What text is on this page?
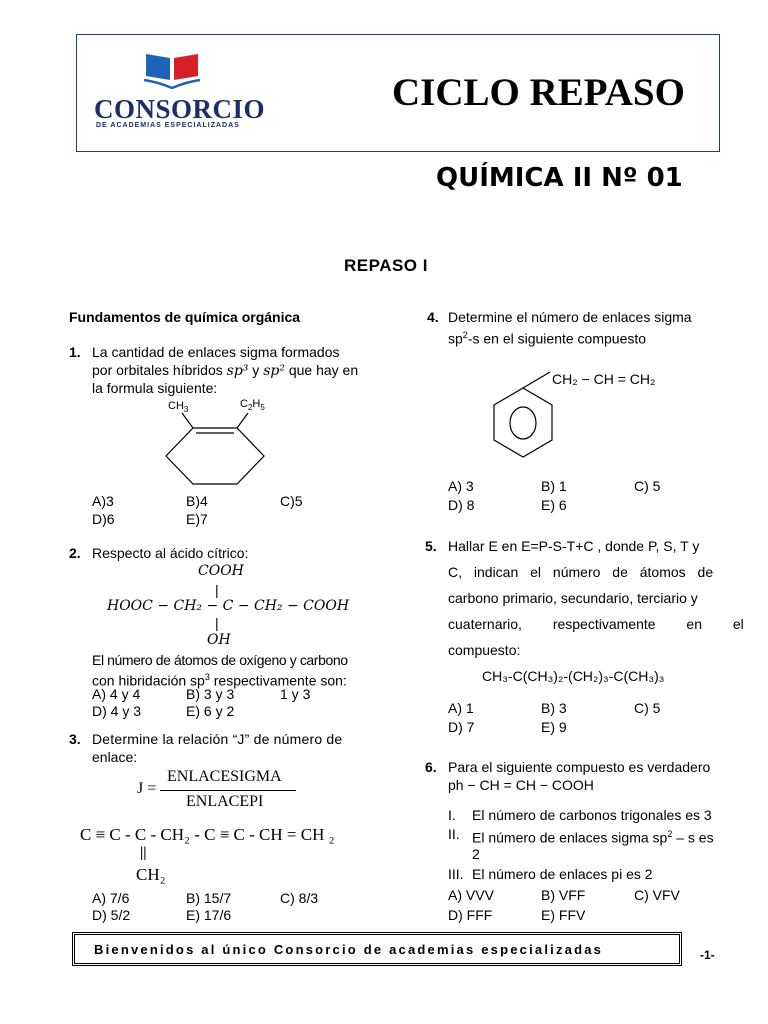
CONSORCIO
DE ACADEMIAS ESPECIALIZADAS
CICLO REPASO
QUÍMICA II Nº 01
REPASO I
Fundamentos de química orgánica
1. La cantidad de enlaces sigma formados
por orbitales híbridos sp³ y sp² que hay en
la formula siguiente:
$CH_3$	$C_2H_5$
A)3	B)4	C)5
D)6	E)7
2. Respecto al ácido cítrico:
COOH
|
HOOC − CH₂ − C − CH₂ − COOH
|
OH
El número de átomos de oxígeno y carbono
con hibridación $sp^3$ respectivamente son:
A) 4 y 4	B) 3 y 3	1 y 3
D) 4 y 3	E) 6 y 2
3. Determine la relación “J” de número de
enlace:
J =
ENLACESIGMA
ENLACEPI
C ≡ C - C - CH₂ - C ≡ C - CH = CH ₂
||
CH₂
A) 7/6	B) 15/7	C) 8/3
D) 5/2	E) 17/6
4. Determine el número de enlaces sigma
$sp^2-s$ en el siguiente compuesto
CH₂ − CH = CH₂
A) 3	B) 1	C) 5
D) 8	E) 6
5. Hallar E en E=P-S-T+C , donde P, S, T y
C, indican el número de átomos de
carbono primario, secundario, terciario y
cuaternario, respectivamente en el
compuesto:
CH₃-C(CH₃)₂-(CH₂)₃-C(CH₃)₃
A) 1	B) 3	C) 5
D) 7	E) 9
6. Para el siguiente compuesto es verdadero
ph − CH = CH − COOH
I. El número de carbonos trigonales es 3
II. El número de enlaces sigma $sp^2$ – s es
2
III. El número de enlaces pi es 2
A) VVV	B) VFF	C) VFV
D) FFF	E) FFV
Bienvenidos al único Consorcio de academias especializadas	-1-
